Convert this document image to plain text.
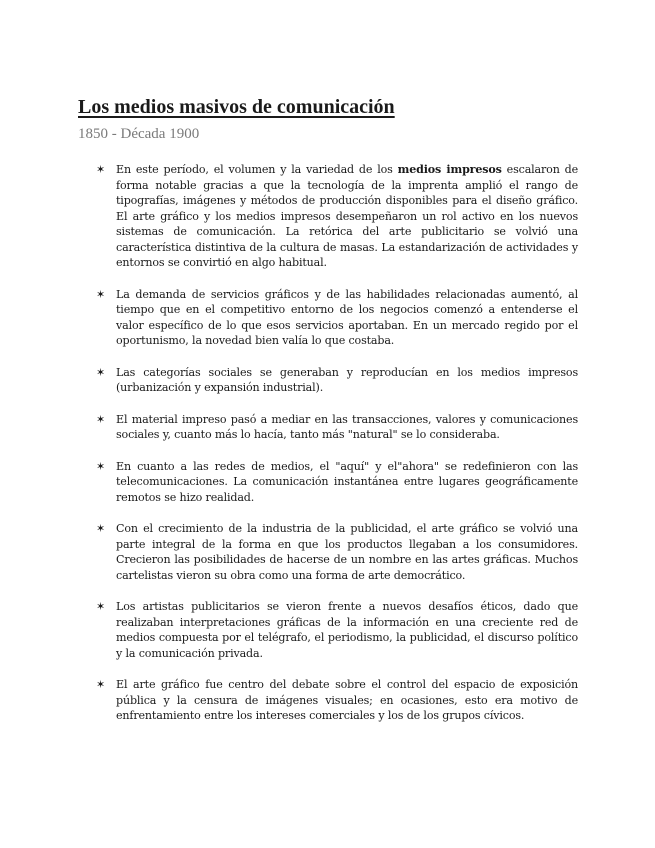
Los medios masivos de comunicación

1850 - Década 1900

✶ En este período, el volumen y la variedad de los medios impresos escalaron de forma notable gracias a que la tecnología de la imprenta amplió el rango de tipografías, imágenes y métodos de producción disponibles para el diseño gráfico. El arte gráfico y los medios impresos desempeñaron un rol activo en los nuevos sistemas de comunicación. La retórica del arte publicitario se volvió una característica distintiva de la cultura de masas. La estandarización de actividades y entornos se convirtió en algo habitual.
✶ La demanda de servicios gráficos y de las habilidades relacionadas aumentó, al tiempo que en el competitivo entorno de los negocios comenzó a entenderse el valor específico de lo que esos servicios aportaban. En un mercado regido por el oportunismo, la novedad bien valía lo que costaba.
✶ Las categorías sociales se generaban y reproducían en los medios impresos (urbanización y expansión industrial).
✶ El material impreso pasó a mediar en las transacciones, valores y comunicaciones sociales y, cuanto más lo hacía, tanto más "natural" se lo consideraba.
✶ En cuanto a las redes de medios, el "aquí" y el"ahora" se redefinieron con las telecomunicaciones. La comunicación instantánea entre lugares geográficamente remotos se hizo realidad.
✶ Con el crecimiento de la industria de la publicidad, el arte gráfico se volvió una parte integral de la forma en que los productos llegaban a los consumidores. Crecieron las posibilidades de hacerse de un nombre en las artes gráficas. Muchos cartelistas vieron su obra como una forma de arte democrático.
✶ Los artistas publicitarios se vieron frente a nuevos desafíos éticos, dado que realizaban interpretaciones gráficas de la información en una creciente red de medios compuesta por el telégrafo, el periodismo, la publicidad, el discurso político y la comunicación privada.
✶ El arte gráfico fue centro del debate sobre el control del espacio de exposición pública y la censura de imágenes visuales; en ocasiones, esto era motivo de enfrentamiento entre los intereses comerciales y los de los grupos cívicos.
